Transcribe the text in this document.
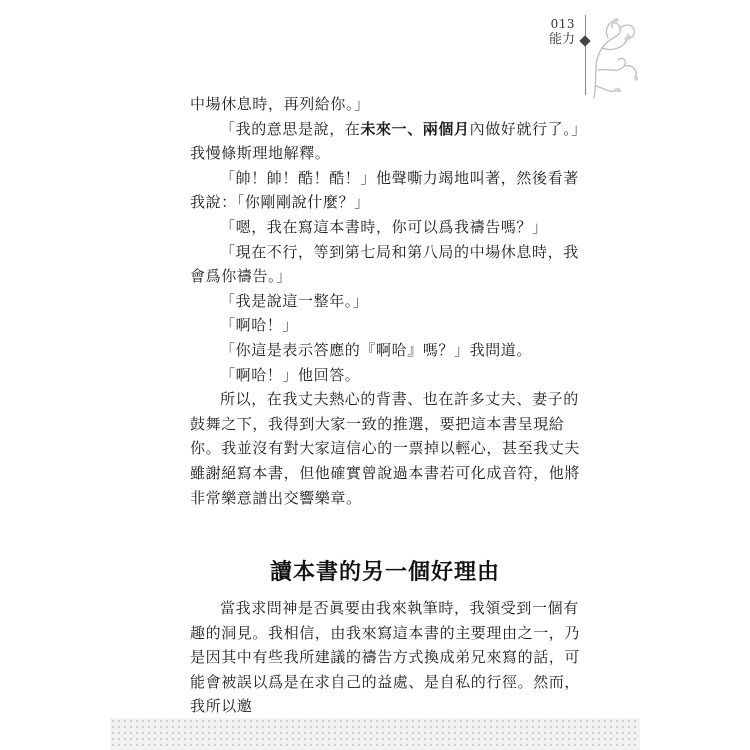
013
能力

中場休息時，再列給你。」

「我的意思是說，在未來一、兩個月內做好就行了。」我慢條斯理地解釋。

「帥！帥！酷！酷！」他聲嘶力竭地叫著，然後看著我說：「你剛剛說什麼？」

「嗯，我在寫這本書時，你可以爲我禱告嗎？」

「現在不行，等到第七局和第八局的中場休息時，我會爲你禱告。」

「我是說這一整年。」

「啊哈！」

「你這是表示答應的『啊哈』嗎？」我問道。

「啊哈！」他回答。

所以，在我丈夫熱心的背書、也在許多丈夫、妻子的鼓舞之下，我得到大家一致的推選，要把這本書呈現給你。我並沒有對大家這信心的一票掉以輕心，甚至我丈夫雖謝絕寫本書，但他確實曾說過本書若可化成音符，他將非常樂意譜出交響樂章。

讀本書的另一個好理由

當我求問神是否眞要由我來執筆時，我領受到一個有趣的洞見。我相信，由我來寫這本書的主要理由之一，乃是因其中有些我所建議的禱告方式換成弟兄來寫的話，可能會被誤以爲是在求自己的益處、是自私的行徑。然而，我所以邀
